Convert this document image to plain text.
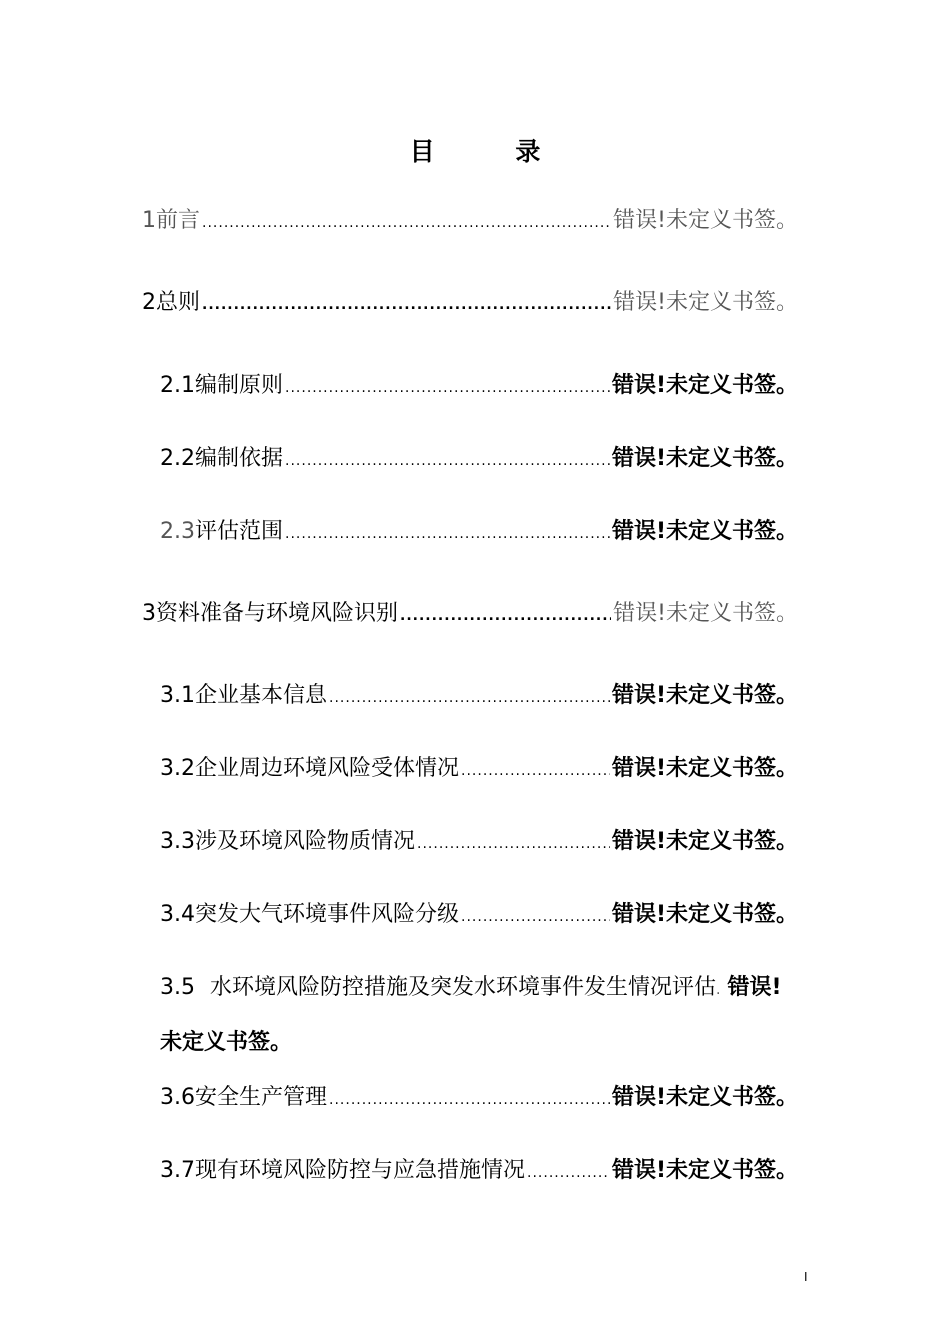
目 录
1 前言 .....	错误!未定义书签。
2 总则 .....	错误!未定义书签。
2.1 编制原则 .....	错误!未定义书签。
2.2 编制依据 .....	错误!未定义书签。
2.3 评估范围 .....	错误!未定义书签。
3 资料准备与环境风险识别 .....	错误!未定义书签。
3.1 企业基本信息 .....	错误!未定义书签。
3.2 企业周边环境风险受体情况 .....	错误!未定义书签。
3.3 涉及环境风险物质情况 .....	错误!未定义书签。
3.4 突发大气环境事件风险分级 .....	错误!未定义书签。
3.5 水环境风险防控措施及突发水环境事件发生情况评估. 错误!
未定义书签。
3.6 安全生产管理 .....	错误!未定义书签。
3.7 现有环境风险防控与应急措施情况 .....	错误!未定义书签。
I
